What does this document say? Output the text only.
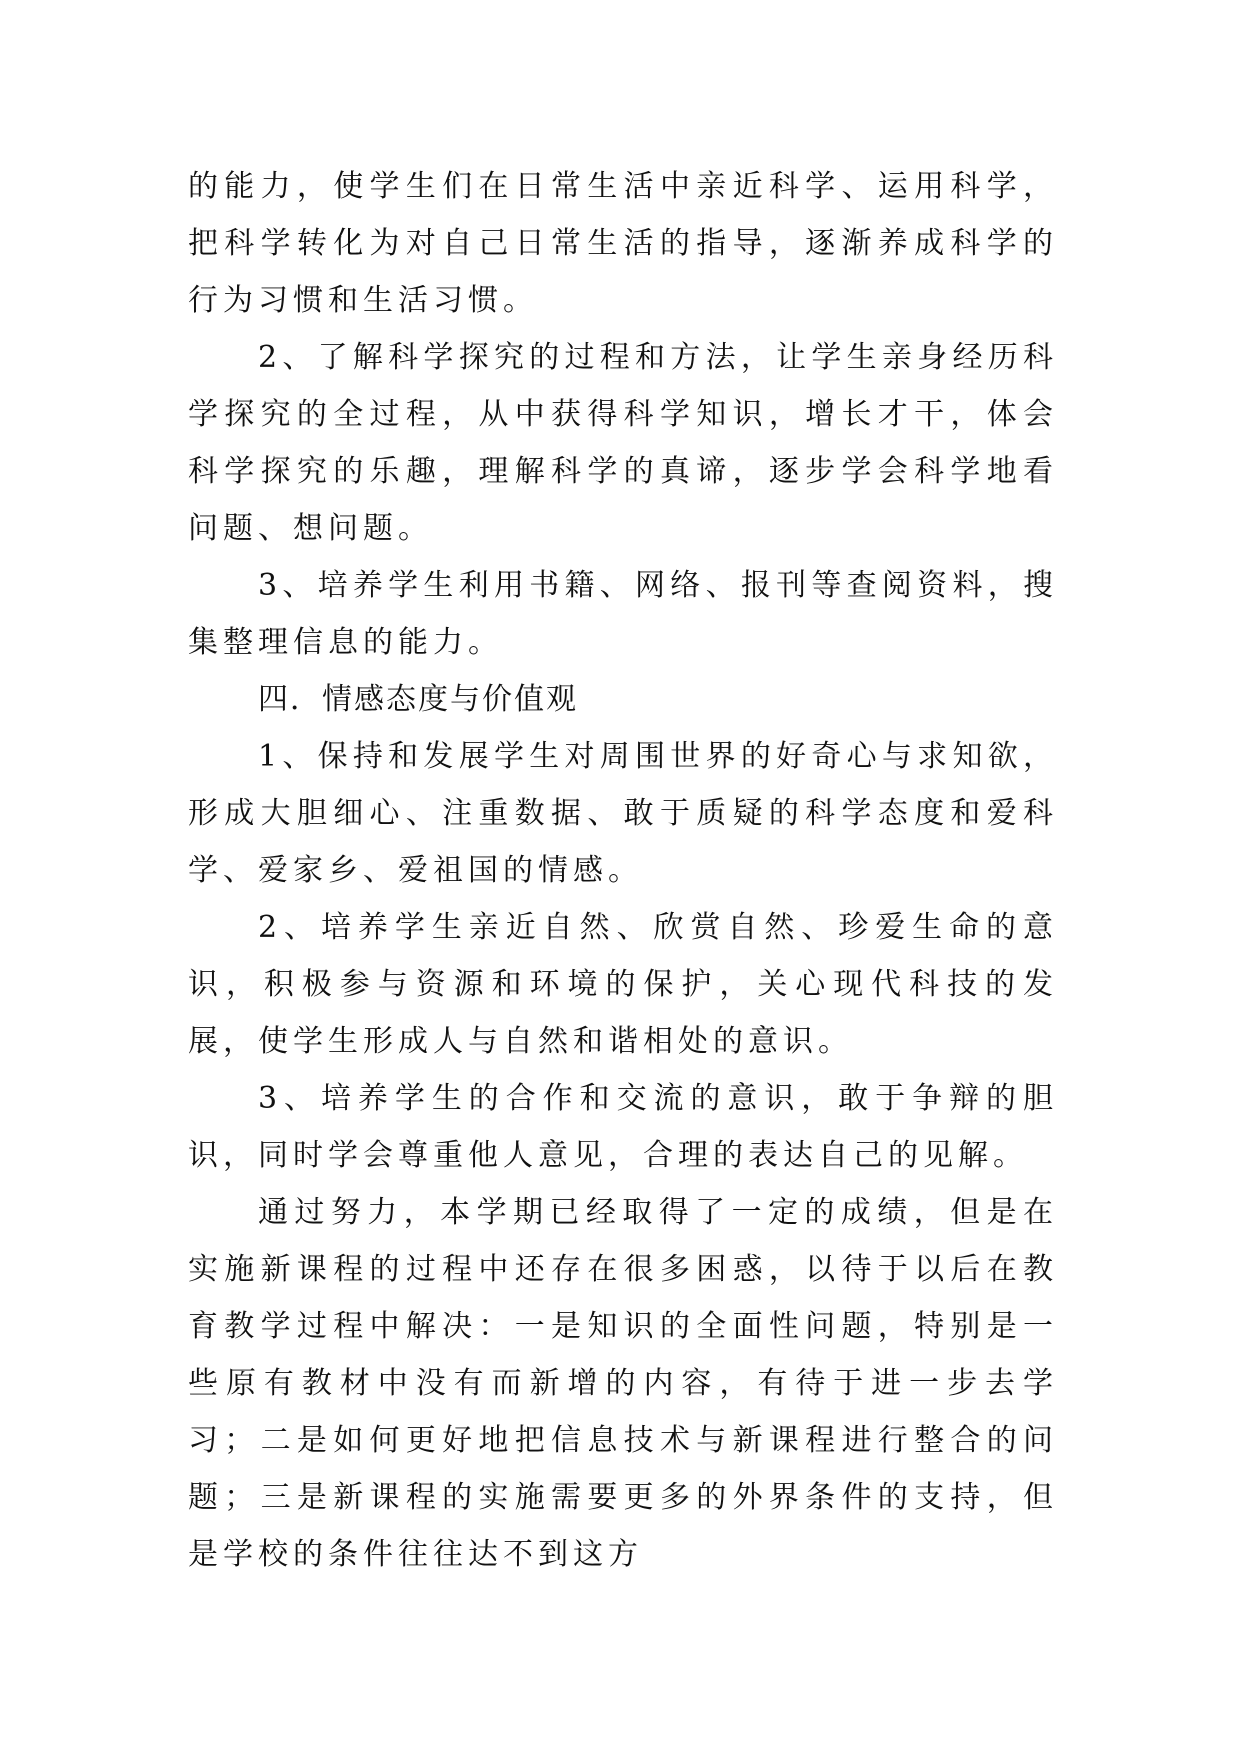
的能力，使学生们在日常生活中亲近科学、运用科学，把科学转化为对自己日常生活的指导，逐渐养成科学的行为习惯和生活习惯。

2、了解科学探究的过程和方法，让学生亲身经历科学探究的全过程，从中获得科学知识，增长才干，体会科学探究的乐趣，理解科学的真谛，逐步学会科学地看问题、想问题。

3、培养学生利用书籍、网络、报刊等查阅资料，搜集整理信息的能力。

四．情感态度与价值观

1、保持和发展学生对周围世界的好奇心与求知欲，形成大胆细心、注重数据、敢于质疑的科学态度和爱科学、爱家乡、爱祖国的情感。

2、培养学生亲近自然、欣赏自然、珍爱生命的意识，积极参与资源和环境的保护，关心现代科技的发展，使学生形成人与自然和谐相处的意识。

3、培养学生的合作和交流的意识，敢于争辩的胆识，同时学会尊重他人意见，合理的表达自己的见解。

通过努力，本学期已经取得了一定的成绩，但是在实施新课程的过程中还存在很多困惑，以待于以后在教育教学过程中解决：一是知识的全面性问题，特别是一些原有教材中没有而新增的内容，有待于进一步去学习；二是如何更好地把信息技术与新课程进行整合的问题；三是新课程的实施需要更多的外界条件的支持，但是学校的条件往往达不到这方
